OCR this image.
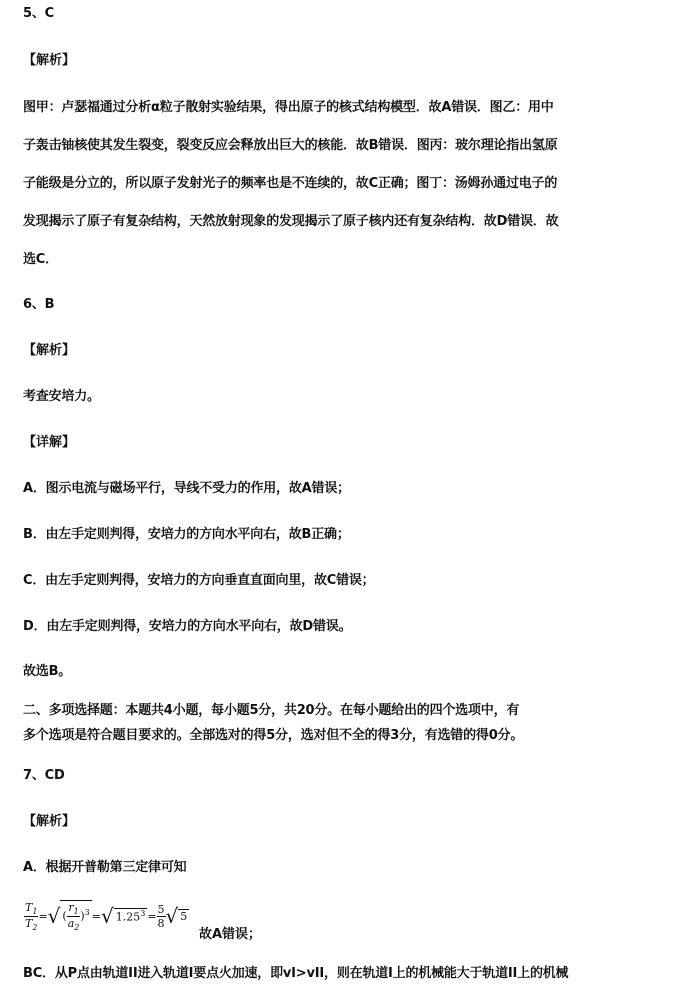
5、C
【解析】
图甲：卢瑟福通过分析α粒子散射实验结果，得出原子的核式结构模型．故A错误．图乙：用中
子轰击铀核使其发生裂变，裂变反应会释放出巨大的核能．故B错误．图丙：玻尔理论指出氢原
子能级是分立的，所以原子发射光子的频率也是不连续的，故C正确；图丁：汤姆孙通过电子的
发现揭示了原子有复杂结构，天然放射现象的发现揭示了原子核内还有复杂结构．故D错误．故
选C．
6、B
【解析】
考查安培力。
【详解】
A．图示电流与磁场平行，导线不受力的作用，故A错误；
B．由左手定则判得，安培力的方向水平向右，故B正确；
C．由左手定则判得，安培力的方向垂直直面向里，故C错误；
D．由左手定则判得，安培力的方向水平向右，故D错误。
故选B。
二、多项选择题：本题共4小题，每小题5分，共20分。在每小题给出的四个选项中，有
多个选项是符合题目要求的。全部选对的得5分，选对但不全的得3分，有选错的得0分。
7、CD
【解析】
A．根据开普勒第三定律可知
$\frac{T_1}{T_2}$ = √ ( $\frac{r_1}{a_2} )^3$ = √ $1.25^3 = \frac{5}{8}$ √ 5
故A错误；
BC．从P点由轨道II进入轨道I要点火加速，即vI>vII，则在轨道I上的机械能大于轨道II上的机械
